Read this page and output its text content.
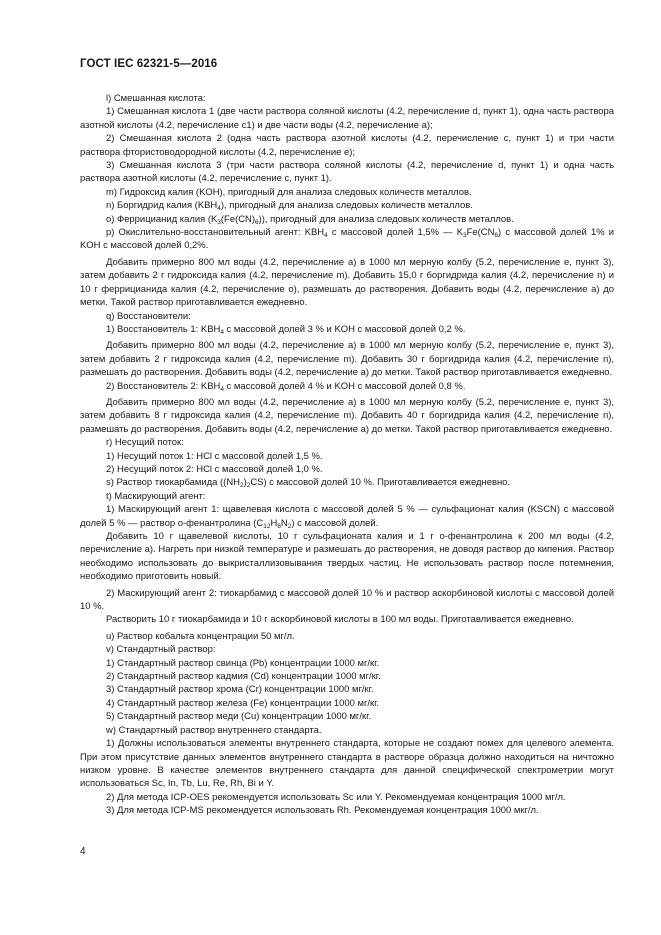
ГОСТ IEC 62321-5—2016

l) Смешанная кислота:

1) Смешанная кислота 1 (две части раствора соляной кислоты (4.2, перечисление d, пункт 1), одна часть раствора азотной кислоты (4.2, перечисление c1) и две части воды (4.2, перечисление a);

2) Смешанная кислота 2 (одна часть раствора азотной кислоты (4.2, перечисление c, пункт 1) и три части раствора фтористоводородной кислоты (4.2, перечисление e);

3) Смешанная кислота 3 (три части раствора соляной кислоты (4.2, перечисление d, пункт 1) и одна часть раствора азотной кислоты (4.2, перечисление c, пункт 1).

m) Гидроксид калия (KOH), пригодный для анализа следовых количеств металлов.

n) Боргидрид калия $(KBH_4)$, пригодный для анализа следовых количеств металлов.

o) Феррицианид калия $(K_3(Fe(CN)_6))$, пригодный для анализа следовых количеств металлов.

p) Окислительно-восстановительный агент: $KBH_4$ с массовой долей 1,5% — $K_3Fe(CN_6)$ с массовой долей 1% и KOH с массовой долей 0,2%.

Добавить примерно 800 мл воды (4.2, перечисление a) в 1000 мл мерную колбу (5.2, перечисление e, пункт 3), затем добавить 2 г гидроксида калия (4.2, перечисление m). Добавить 15,0 г боргидрида калия (4.2, перечисление n) и 10 г феррицианида калия (4.2, перечисление o), размешать до растворения. Добавить воды (4.2, перечисление a) до метки. Такой раствор приготавливается ежедневно.

q) Восстановители:

1) Восстановитель 1: $KBH_4$ с массовой долей 3 % и KOH с массовой долей 0,2 %.

Добавить примерно 800 мл воды (4.2, перечисление a) в 1000 мл мерную колбу (5.2, перечисление e, пункт 3), затем добавить 2 г гидроксида калия (4.2, перечисление m). Добавить 30 г боргидрида калия (4.2, перечисление n), размешать до растворения. Добавить воды (4.2, перечисление a) до метки. Такой раствор приготавливается ежедневно.

2) Восстановитель 2: $KBH_4$ с массовой долей 4 % и KOH с массовой долей 0,8 %.

Добавить примерно 800 мл воды (4.2, перечисление a) в 1000 мл мерную колбу (5.2, перечисление e, пункт 3), затем добавить 8 г гидроксида калия (4.2, перечисление m). Добавить 40 г боргидрида калия (4.2, перечисление n), размешать до растворения. Добавить воды (4.2, перечисление a) до метки. Такой раствор приготавливается ежедневно.

r) Несущий поток:

1) Несущий поток 1: HCl с массовой долей 1,5 %.

2) Несущий поток 2: HCl с массовой долей 1,0 %.

s) Раствор тиокарбамида $((NH_2)_2CS)$ с массовой долей 10 %. Приготавливается ежедневно.

t) Маскирующий агент:

1) Маскирующий агент 1: щавелевая кислота с массовой долей 5 % — сульфационат калия (KSCN) с массовой долей 5 % — раствор о-фенантролина $(C_{12}H_8N_2)$ с массовой долей.

Добавить 10 г щавелевой кислоты, 10 г сульфационата калия и 1 г о-фенантролина к 200 мл воды (4.2, перечисление a). Нагреть при низкой температуре и размешать до растворения, не доводя раствор до кипения. Раствор необходимо использовать до выкристаллизовывания твердых частиц. Не использовать раствор после потемнения, необходимо приготовить новый.

2) Маскирующий агент 2: тиокарбамид с массовой долей 10 % и раствор аскорбиновой кислоты с массовой долей 10 %.

Растворить 10 г тиокарбамида и 10 г аскорбиновой кислоты в 100 мл воды. Приготавливается ежедневно.

u) Раствор кобальта концентрации 50 мг/л.

v) Стандартный раствор:

1) Стандартный раствор свинца (Pb) концентрации 1000 мг/кг.

2) Стандартный раствор кадмия (Cd) концентрации 1000 мг/кг.

3) Стандартный раствор хрома (Cr) концентрации 1000 мг/кг.

4) Стандартный раствор железа (Fe) концентрации 1000 мг/кг.

5) Стандартный раствор меди (Cu) концентрации 1000 мг/кг.

w) Стандартный раствор внутреннего стандарта.

1) Должны использоваться элементы внутреннего стандарта, которые не создают помех для целевого элемента. При этом присутствие данных элементов внутреннего стандарта в растворе образца должно находиться на ничтожно низком уровне. В качестве элементов внутреннего стандарта для данной специфической спектрометрии могут использоваться Sc, In, Tb, Lu, Re, Rh, Bi и Y.

2) Для метода ICP-OES рекомендуется использовать Sc или Y. Рекомендуемая концентрация 1000 мг/л.

3) Для метода ICP-MS рекомендуется использовать Rh. Рекомендуемая концентрация 1000 мкг/л.

4
